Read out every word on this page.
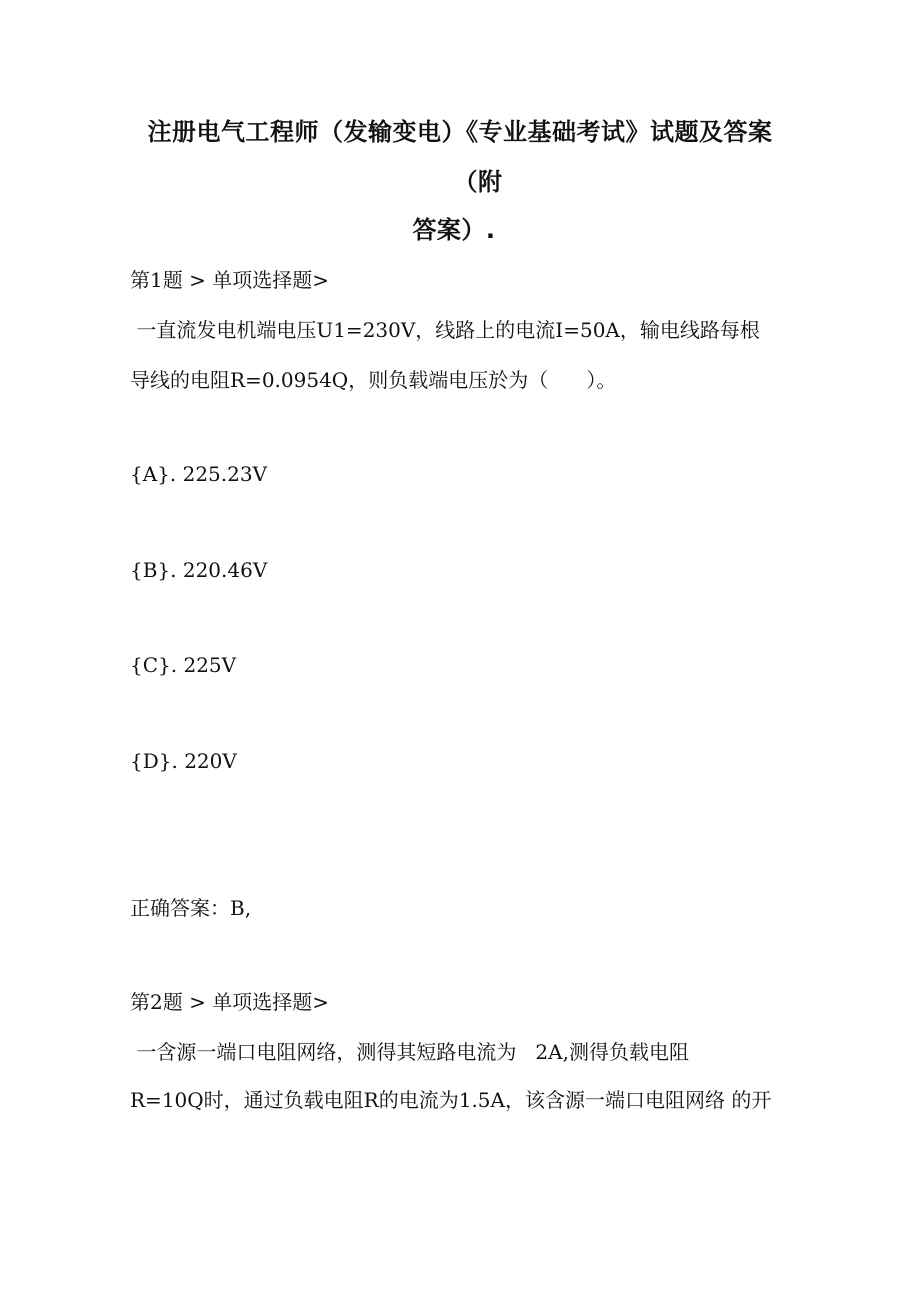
注册电气工程师（发输变电）《专业基础考试》试题及答案
（附
答案）.
第1题 > 单项选择题>
一直流发电机端电压U1=230V，线路上的电流I=50A，输电线路每根
导线的电阻R=0.0954Q，则负载端电压於为（      ）。
{A}. 225.23V
{B}. 220.46V
{C}. 225V
{D}. 220V
正确答案：B,
第2题 > 单项选择题>
一含源一端口电阻网络，测得其短路电流为   2A,测得负载电阻
R=10Q时，通过负载电阻R的电流为1.5A，该含源一端口电阻网络 的开
